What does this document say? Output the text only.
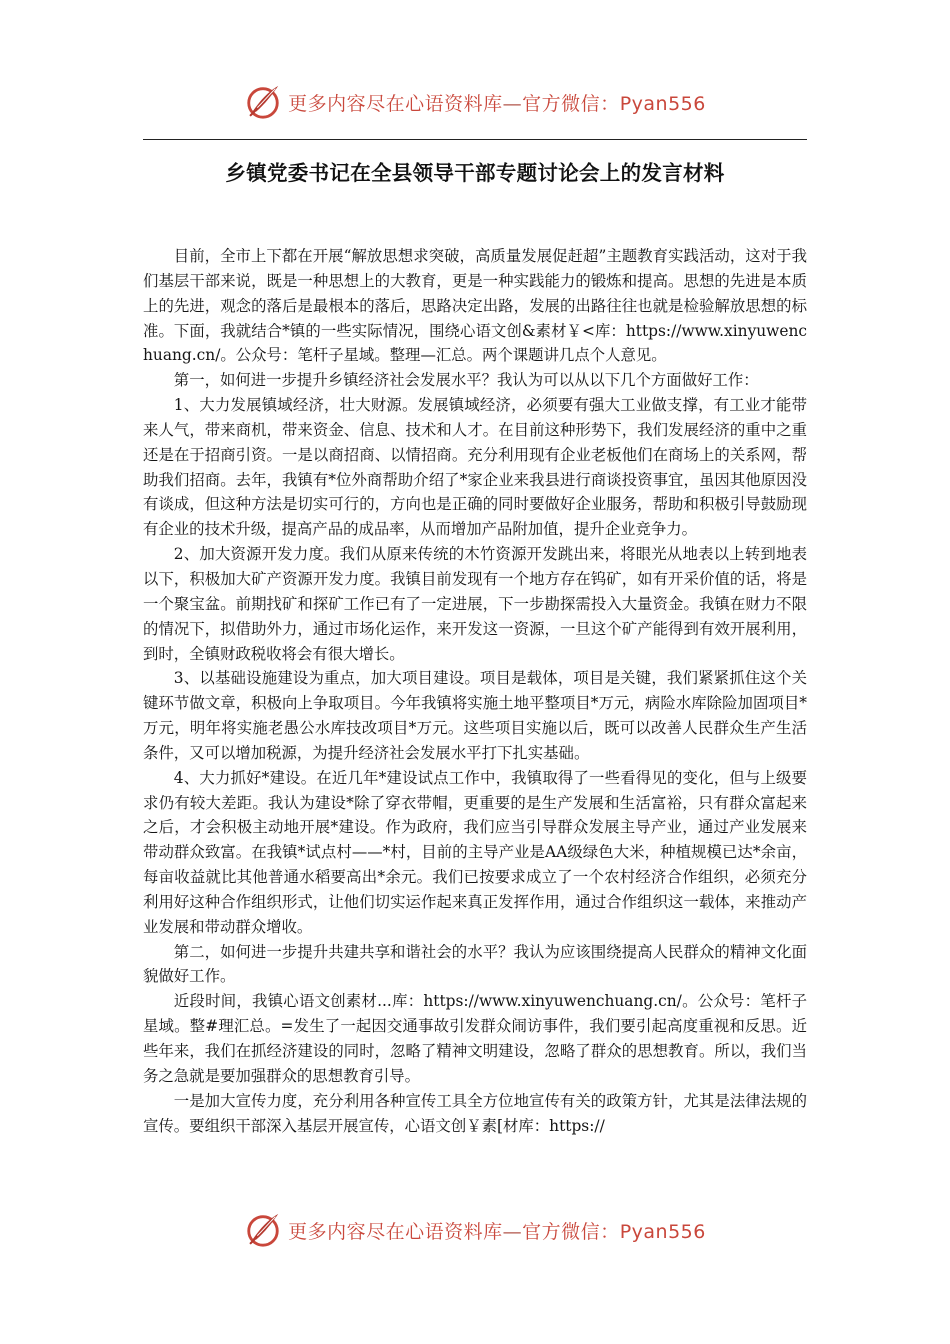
更多内容尽在心语资料库—官方微信：Pyan556
乡镇党委书记在全县领导干部专题讨论会上的发言材料

目前，全市上下都在开展“解放思想求突破，高质量发展促赶超”主题教育实践活动，这对于我们基层干部来说，既是一种思想上的大教育，更是一种实践能力的锻炼和提高。思想的先进是本质上的先进，观念的落后是最根本的落后，思路决定出路，发展的出路往往也就是检验解放思想的标准。下面，我就结合*镇的一些实际情况，围绕心语文创&素材￥<库：https://www.xinyuwenchuang.cn/。公众号：笔杆子星域。整理—汇总。两个课题讲几点个人意见。

第一，如何进一步提升乡镇经济社会发展水平？我认为可以从以下几个方面做好工作：

1、大力发展镇域经济，壮大财源。发展镇域经济，必须要有强大工业做支撑，有工业才能带来人气，带来商机，带来资金、信息、技术和人才。在目前这种形势下，我们发展经济的重中之重还是在于招商引资。一是以商招商、以情招商。充分利用现有企业老板他们在商场上的关系网，帮助我们招商。去年，我镇有*位外商帮助介绍了*家企业来我县进行商谈投资事宜，虽因其他原因没有谈成，但这种方法是切实可行的，方向也是正确的同时要做好企业服务，帮助和积极引导鼓励现有企业的技术升级，提高产品的成品率，从而增加产品附加值，提升企业竞争力。

2、加大资源开发力度。我们从原来传统的木竹资源开发跳出来，将眼光从地表以上转到地表以下，积极加大矿产资源开发力度。我镇目前发现有一个地方存在钨矿，如有开采价值的话，将是一个聚宝盆。前期找矿和探矿工作已有了一定进展，下一步勘探需投入大量资金。我镇在财力不限的情况下，拟借助外力，通过市场化运作，来开发这一资源，一旦这个矿产能得到有效开展利用，到时，全镇财政税收将会有很大增长。

3、以基础设施建设为重点，加大项目建设。项目是载体，项目是关键，我们紧紧抓住这个关键环节做文章，积极向上争取项目。今年我镇将实施土地平整项目*万元，病险水库除险加固项目*万元，明年将实施老愚公水库技改项目*万元。这些项目实施以后，既可以改善人民群众生产生活条件，又可以增加税源，为提升经济社会发展水平打下扎实基础。

4、大力抓好*建设。在近几年*建设试点工作中，我镇取得了一些看得见的变化，但与上级要求仍有较大差距。我认为建设*除了穿衣带帽，更重要的是生产发展和生活富裕，只有群众富起来之后，才会积极主动地开展*建设。作为政府，我们应当引导群众发展主导产业，通过产业发展来带动群众致富。在我镇*试点村——*村，目前的主导产业是AA级绿色大米，种植规模已达*余亩，每亩收益就比其他普通水稻要高出*余元。我们已按要求成立了一个农村经济合作组织，必须充分利用好这种合作组织形式，让他们切实运作起来真正发挥作用，通过合作组织这一载体，来推动产业发展和带动群众增收。

第二，如何进一步提升共建共享和谐社会的水平？我认为应该围绕提高人民群众的精神文化面貌做好工作。

近段时间，我镇心语文创素材...库：https://www.xinyuwenchuang.cn/。公众号：笔杆子星域。整#理汇总。=发生了一起因交通事故引发群众闹访事件，我们要引起高度重视和反思。近些年来，我们在抓经济建设的同时，忽略了精神文明建设，忽略了群众的思想教育。所以，我们当务之急就是要加强群众的思想教育引导。

一是加大宣传力度，充分利用各种宣传工具全方位地宣传有关的政策方针，尤其是法律法规的宣传。要组织干部深入基层开展宣传，心语文创￥素[材库：https://

更多内容尽在心语资料库—官方微信：Pyan556
